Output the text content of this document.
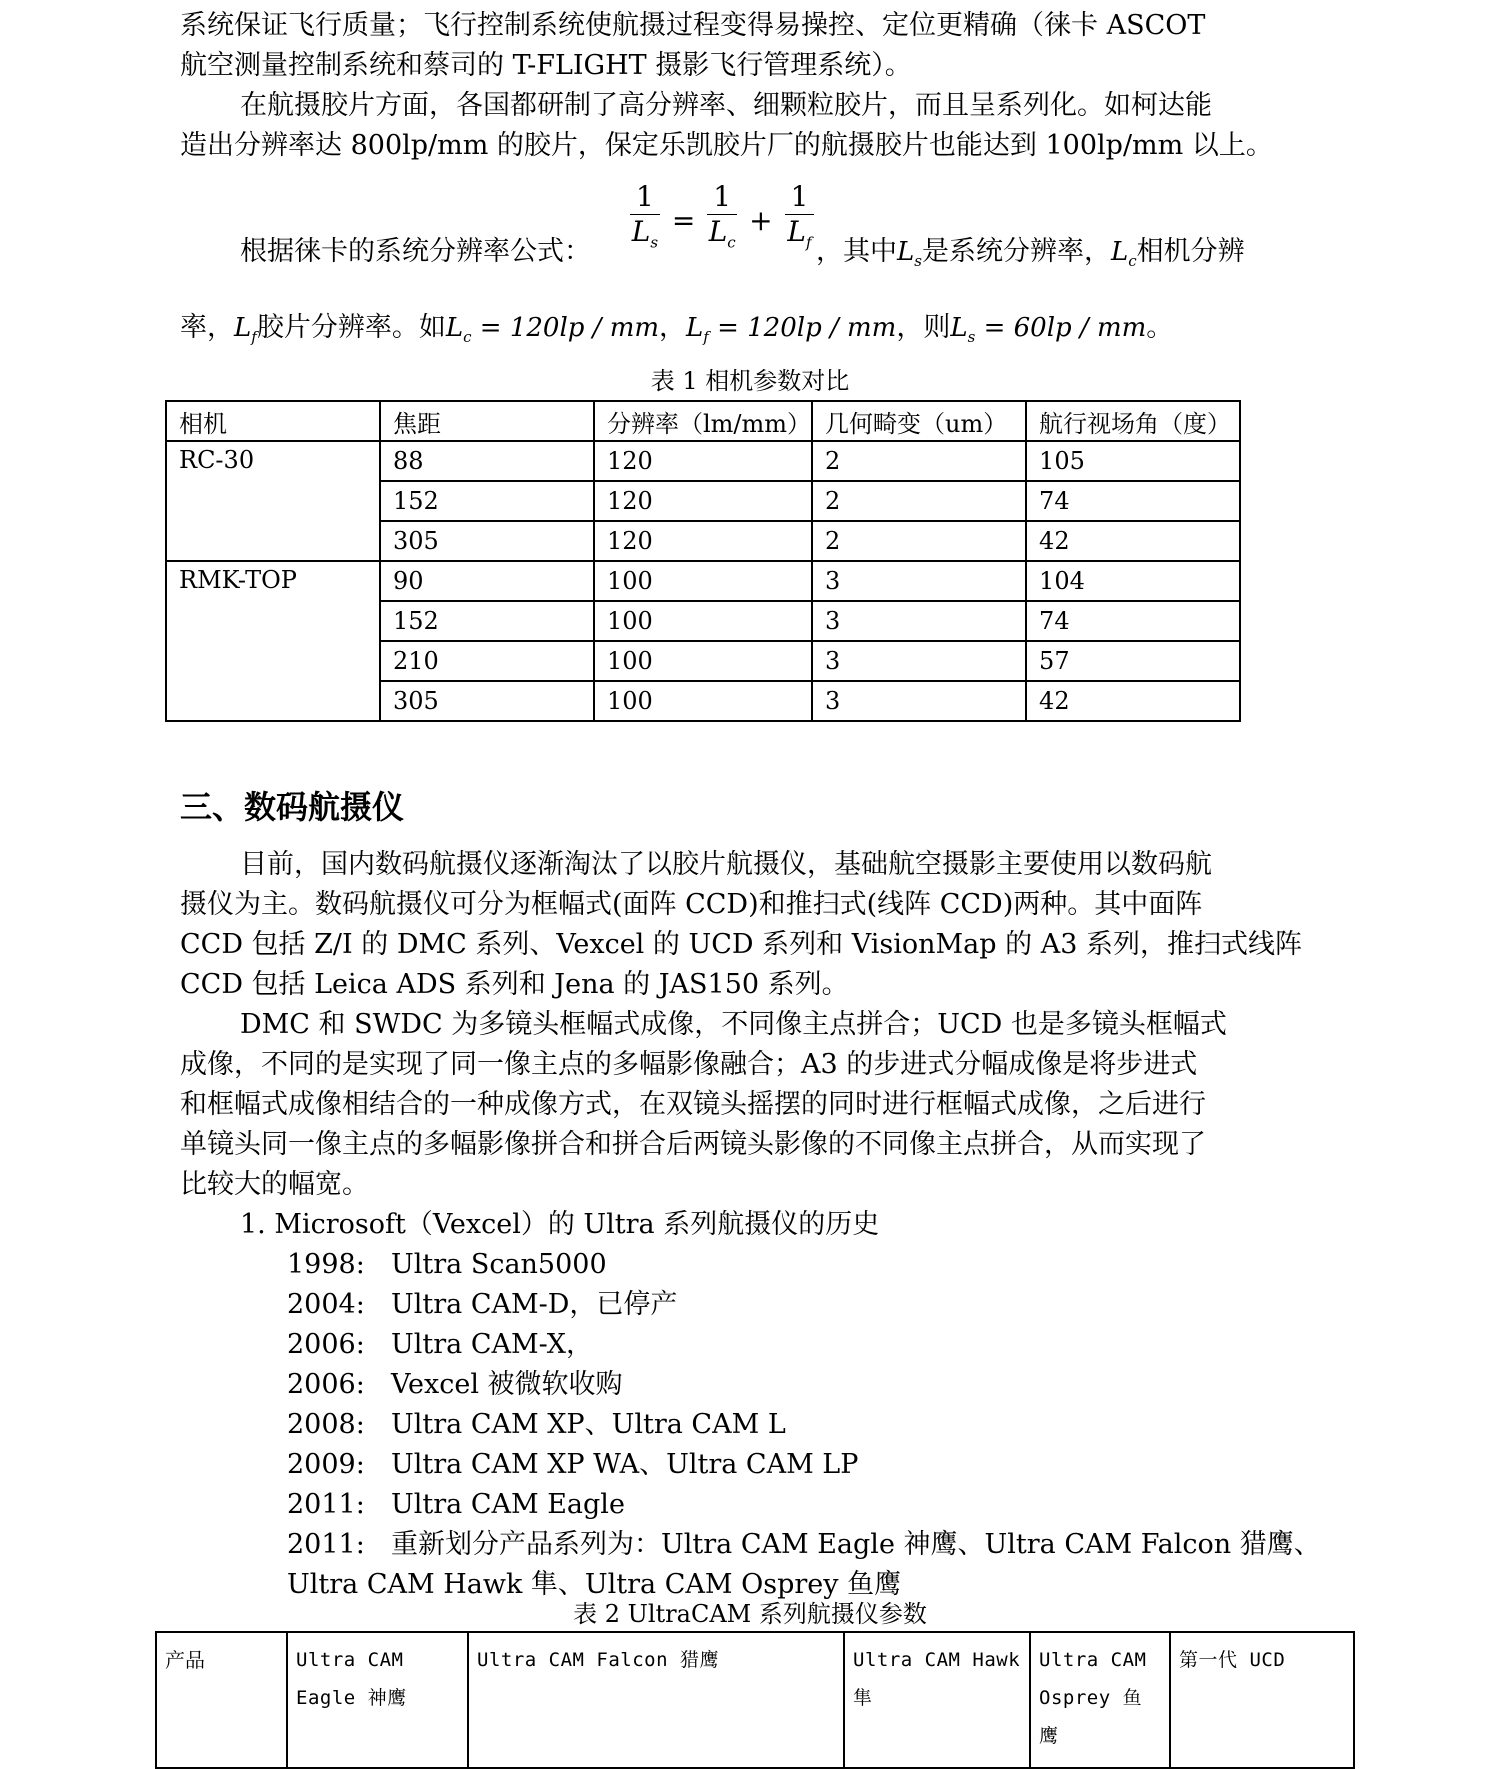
系统保证飞行质量；飞行控制系统使航摄过程变得易操控、定位更精确（徕卡 ASCOT
航空测量控制系统和蔡司的 T-FLIGHT 摄影飞行管理系统）。
在航摄胶片方面，各国都研制了高分辨率、细颗粒胶片，而且呈系列化。如柯达能
造出分辨率达 800lp/mm 的胶片，保定乐凯胶片厂的航摄胶片也能达到 100lp/mm 以上。
$\frac{1}{L_s} = \frac{1}{L_c} + \frac{1}{L_f}$
根据徕卡的系统分辨率公式：	，其中$L_s$是系统分辨率，$L_c$相机分辨
率，$L_f$胶片分辨率。如$L_c = 120lp$ / mm，$L_f = 120lp$ / mm，则$L_s = 60lp$ / mm。
表 1 相机参数对比
相机	焦距	分辨率（lm/mm）	几何畸变（um）	航行视场角（度）
RC-30	88	120	2	105
	152	120	2	74
	305	120	2	42
RMK-TOP	90	100	3	104
	152	100	3	74
	210	100	3	57
	305	100	3	42
三、数码航摄仪
目前，国内数码航摄仪逐渐淘汰了以胶片航摄仪，基础航空摄影主要使用以数码航
摄仪为主。数码航摄仪可分为框幅式(面阵 CCD)和推扫式(线阵 CCD)两种。其中面阵
CCD 包括 Z/I 的 DMC 系列、Vexcel 的 UCD 系列和 VisionMap 的 A3 系列，推扫式线阵
CCD 包括 Leica ADS 系列和 Jena 的 JAS150 系列。
DMC 和 SWDC 为多镜头框幅式成像，不同像主点拼合；UCD 也是多镜头框幅式
成像，不同的是实现了同一像主点的多幅影像融合；A3 的步进式分幅成像是将步进式
和框幅式成像相结合的一种成像方式，在双镜头摇摆的同时进行框幅式成像，之后进行
单镜头同一像主点的多幅影像拼合和拼合后两镜头影像的不同像主点拼合，从而实现了
比较大的幅宽。
1. Microsoft（Vexcel）的 Ultra 系列航摄仪的历史
1998: Ultra Scan5000
2004: Ultra CAM-D，已停产
2006: Ultra CAM-X，
2006: Vexcel 被微软收购
2008: Ultra CAM XP、Ultra CAM L
2009: Ultra CAM XP WA、Ultra CAM LP
2011: Ultra CAM Eagle
2011: 重新划分产品系列为：Ultra CAM Eagle 神鹰、Ultra CAM Falcon 猎鹰、
Ultra CAM Hawk 隼、Ultra CAM Osprey 鱼鹰
表 2 UltraCAM 系列航摄仪参数
产品	Ultra CAM Eagle 神鹰	Ultra CAM Falcon 猎鹰	Ultra CAM Hawk 隼	Ultra CAM Osprey 鱼鹰	第一代 UCD
